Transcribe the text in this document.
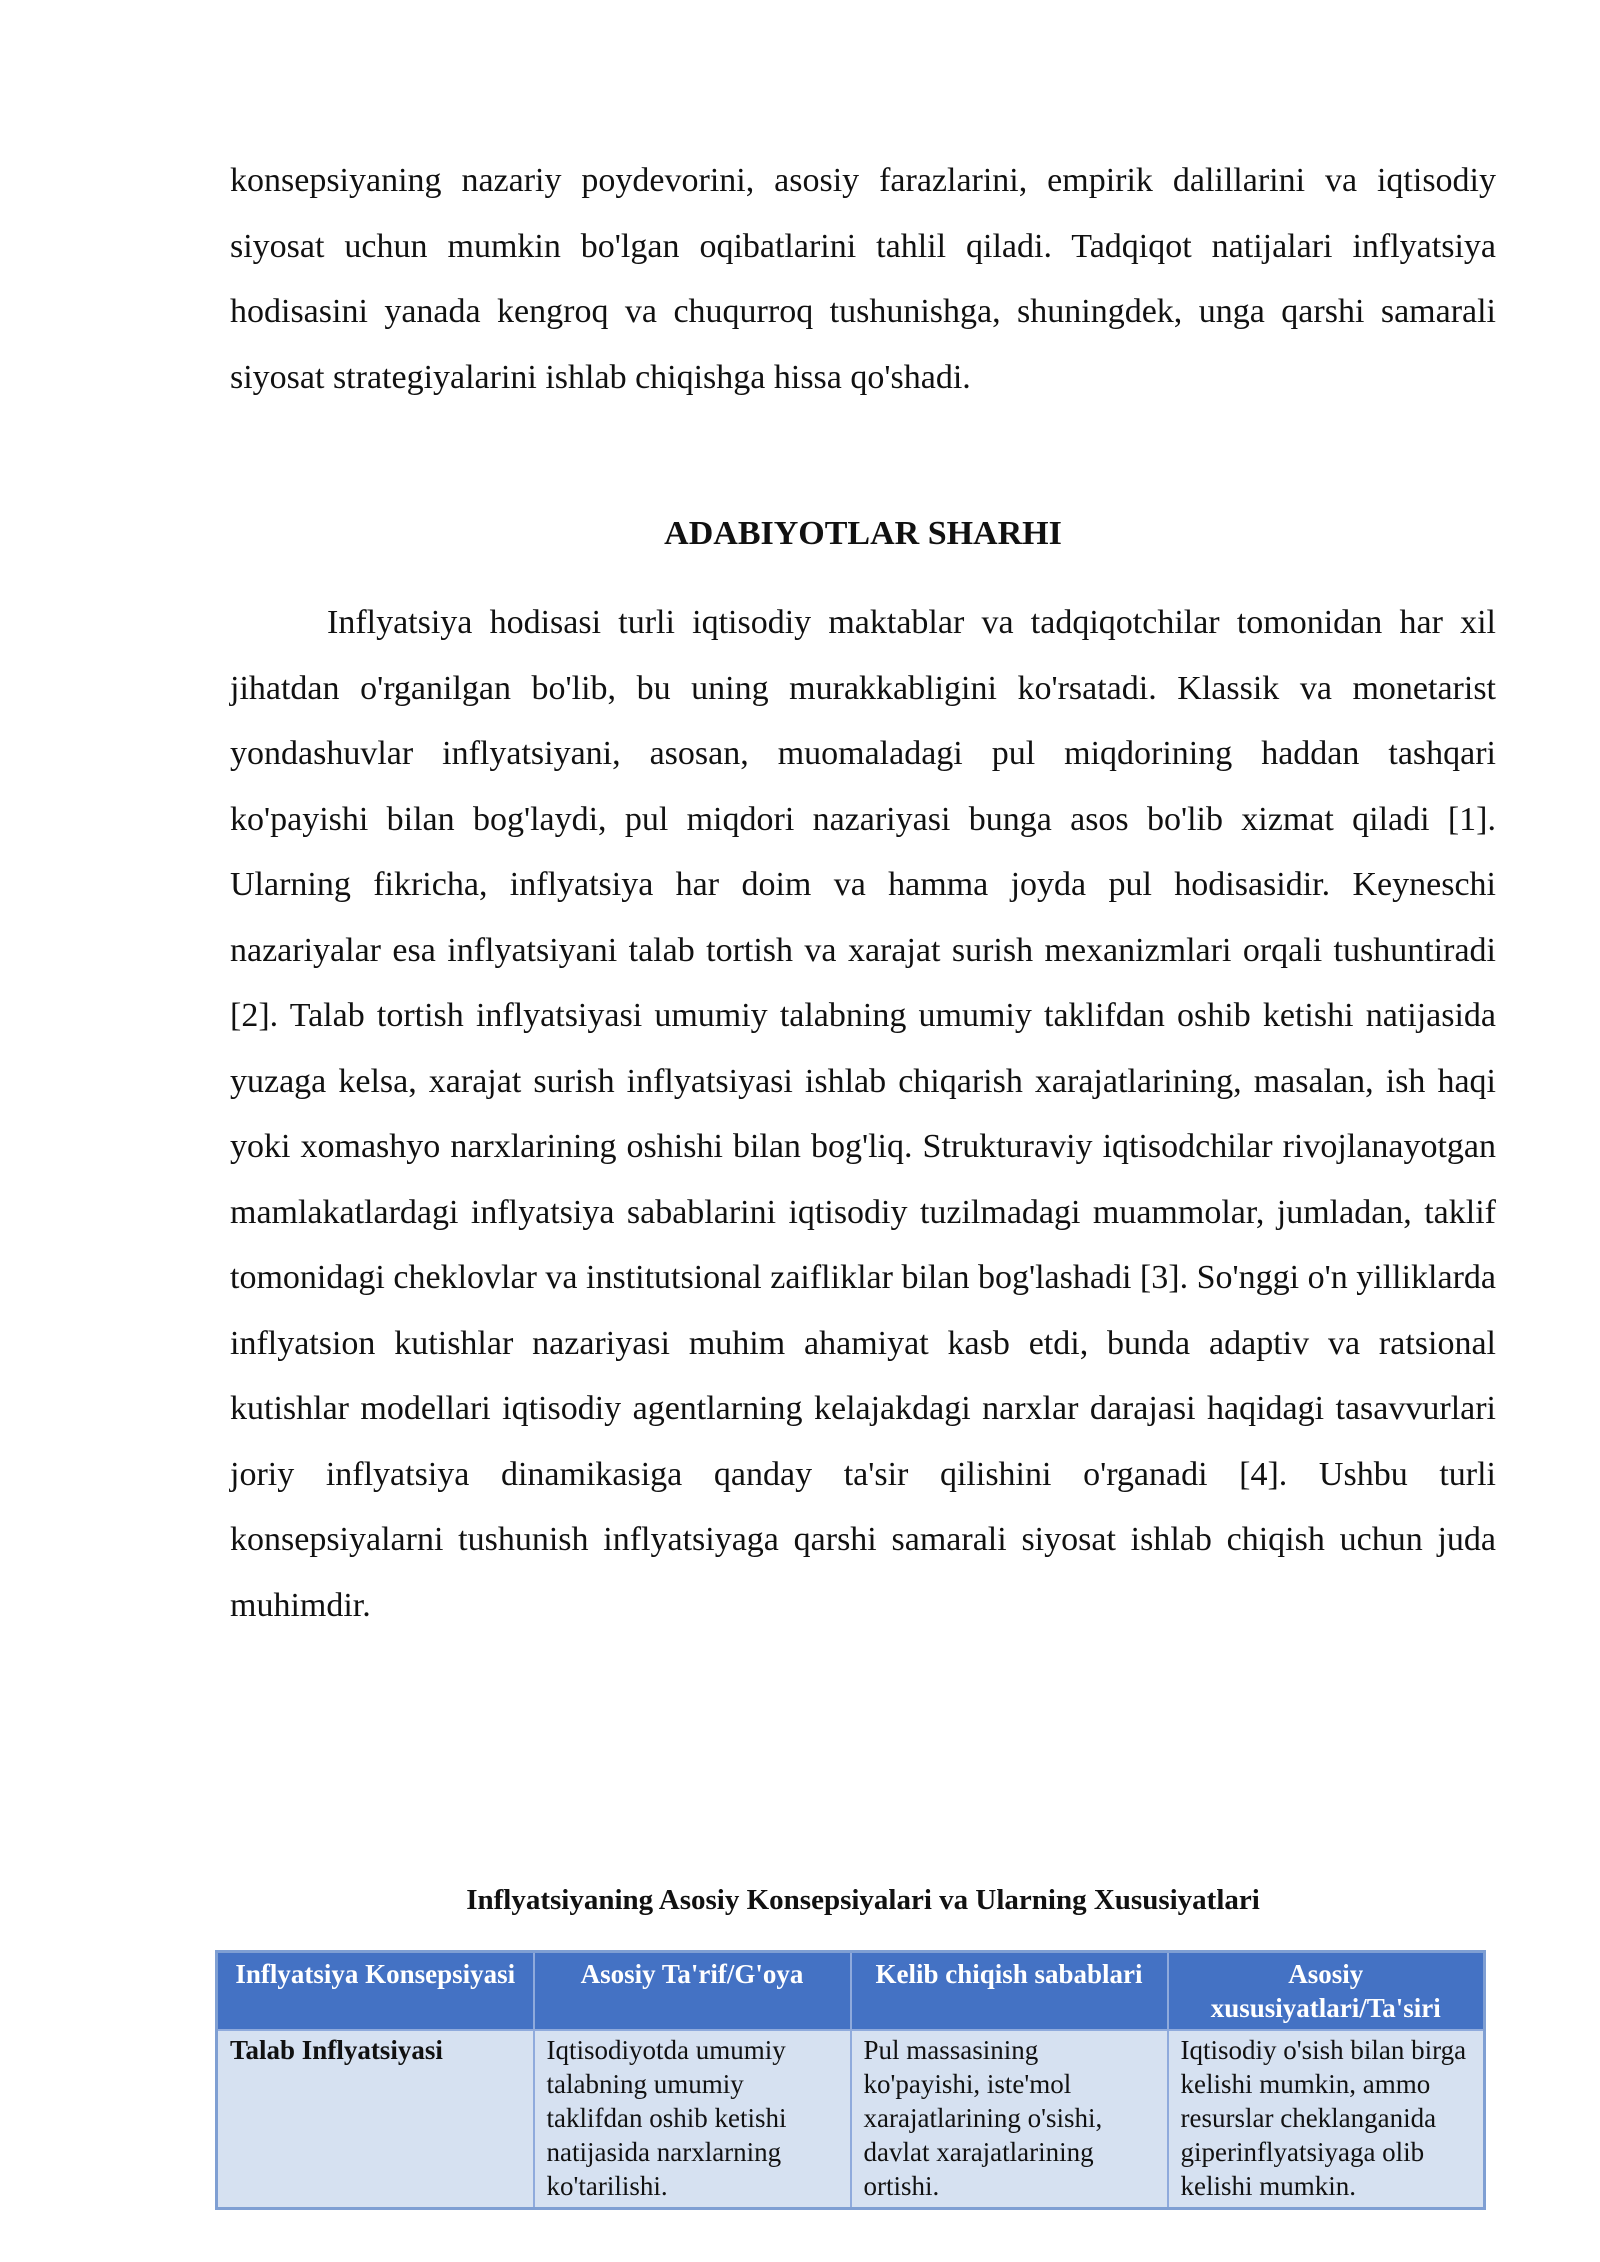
konsepsiyaning nazariy poydevorini, asosiy farazlarini, empirik dalillarini va iqtisodiy siyosat uchun mumkin bo'lgan oqibatlarini tahlil qiladi. Tadqiqot natijalari inflyatsiya hodisasini yanada kengroq va chuqurroq tushunishga, shuningdek, unga qarshi samarali siyosat strategiyalarini ishlab chiqishga hissa qo'shadi.

ADABIYOTLAR SHARHI

Inflyatsiya hodisasi turli iqtisodiy maktablar va tadqiqotchilar tomonidan har xil jihatdan o'rganilgan bo'lib, bu uning murakkabligini ko'rsatadi. Klassik va monetarist yondashuvlar inflyatsiyani, asosan, muomaladagi pul miqdorining haddan tashqari ko'payishi bilan bog'laydi, pul miqdori nazariyasi bunga asos bo'lib xizmat qiladi [1]. Ularning fikricha, inflyatsiya har doim va hamma joyda pul hodisasidir. Keyneschi nazariyalar esa inflyatsiyani talab tortish va xarajat surish mexanizmlari orqali tushuntiradi [2]. Talab tortish inflyatsiyasi umumiy talabning umumiy taklifdan oshib ketishi natijasida yuzaga kelsa, xarajat surish inflyatsiyasi ishlab chiqarish xarajatlarining, masalan, ish haqi yoki xomashyo narxlarining oshishi bilan bog'liq. Strukturaviy iqtisodchilar rivojlanayotgan mamlakatlardagi inflyatsiya sabablarini iqtisodiy tuzilmadagi muammolar, jumladan, taklif tomonidagi cheklovlar va institutsional zaifliklar bilan bog'lashadi [3]. So'nggi o'n yilliklarda inflyatsion kutishlar nazariyasi muhim ahamiyat kasb etdi, bunda adaptiv va ratsional kutishlar modellari iqtisodiy agentlarning kelajakdagi narxlar darajasi haqidagi tasavvurlari joriy inflyatsiya dinamikasiga qanday ta'sir qilishini o'rganadi [4]. Ushbu turli konsepsiyalarni tushunish inflyatsiyaga qarshi samarali siyosat ishlab chiqish uchun juda muhimdir.

Inflyatsiyaning Asosiy Konsepsiyalari va Ularning Xususiyatlari

Inflyatsiya Konsepsiyasi	Asosiy Ta'rif/G'oya	Kelib chiqish sabablari	Asosiy xususiyatlari/Ta'siri
Talab Inflyatsiyasi	Iqtisodiyotda umumiy talabning umumiy taklifdan oshib ketishi natijasida narxlarning ko'tarilishi.	Pul massasining ko'payishi, iste'mol xarajatlarining o'sishi, davlat xarajatlarining ortishi.	Iqtisodiy o'sish bilan birga kelishi mumkin, ammo resurslar cheklanganida giperinflyatsiyaga olib kelishi mumkin.
